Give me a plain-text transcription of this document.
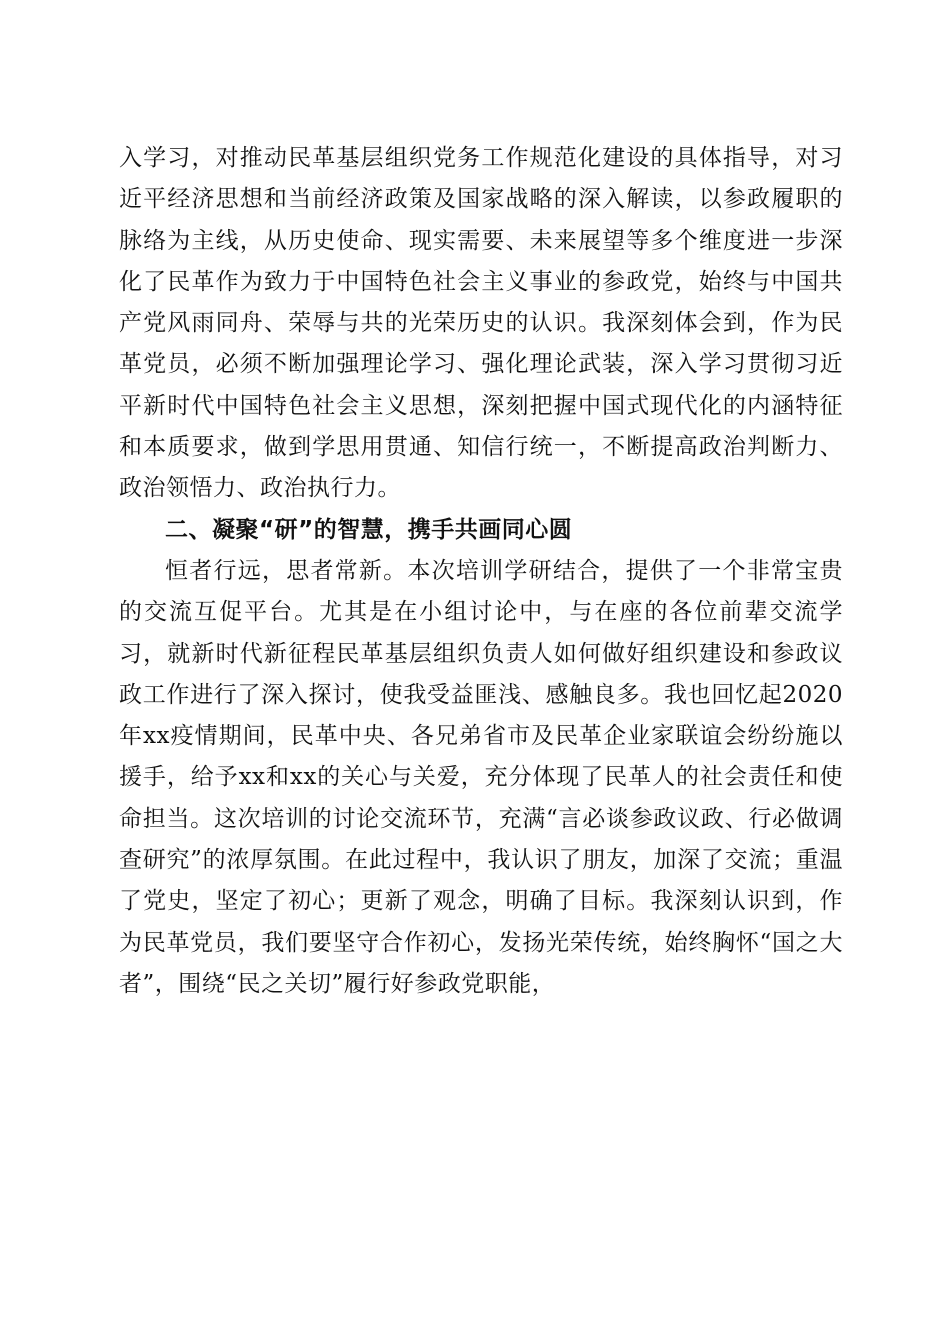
入学习，对推动民革基层组织党务工作规范化建设的具体指导，对习近平经济思想和当前经济政策及国家战略的深入解读，以参政履职的脉络为主线，从历史使命、现实需要、未来展望等多个维度进一步深化了民革作为致力于中国特色社会主义事业的参政党，始终与中国共产党风雨同舟、荣辱与共的光荣历史的认识。我深刻体会到，作为民革党员，必须不断加强理论学习、强化理论武装，深入学习贯彻习近平新时代中国特色社会主义思想，深刻把握中国式现代化的内涵特征和本质要求，做到学思用贯通、知信行统一，不断提高政治判断力、政治领悟力、政治执行力。

二、凝聚“研”的智慧，携手共画同心圆

恒者行远，思者常新。本次培训学研结合，提供了一个非常宝贵的交流互促平台。尤其是在小组讨论中，与在座的各位前辈交流学习，就新时代新征程民革基层组织负责人如何做好组织建设和参政议政工作进行了深入探讨，使我受益匪浅、感触良多。我也回忆起2020年xx疫情期间，民革中央、各兄弟省市及民革企业家联谊会纷纷施以援手，给予xx和xx的关心与关爱，充分体现了民革人的社会责任和使命担当。这次培训的讨论交流环节，充满“言必谈参政议政、行必做调查研究”的浓厚氛围。在此过程中，我认识了朋友，加深了交流；重温了党史，坚定了初心；更新了观念，明确了目标。我深刻认识到，作为民革党员，我们要坚守合作初心，发扬光荣传统，始终胸怀“国之大者”，围绕“民之关切”履行好参政党职能，
